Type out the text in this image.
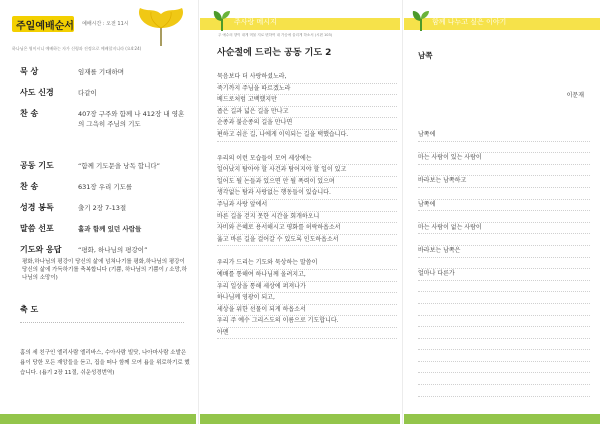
주일예배순서 예배시간 : 오전 11시
하나님은 영이시니 예배하는 자가 신령과 진정으로 예배할지니라 (요4:24)
묵 상	임재를 기대하며
사도 신경	다같이
찬 송	407장 구주와 함께 나 412장 내 영혼의 그윽히 주님의 기도
공동 기도	“함께 기도문을 낭독 합니다”
찬 송	631장 우리 기도를
성경 봉독	출기 2장 7-13절
말씀 선포	홀과 함께 있던 사람들
기도와 응답	“평화, 하나님의 평강이”
평화,하나님의 평강이 당신의 삶에 넘쳐나기를 평화,하나님의 평강이 당신의 삶에 가득하기를 축복합니다 (기쁨, 하나님의 기쁨이 / 소망,하나님의 소망이)
축 도
홈의 세 친구인 엘리사람 엘리바스, 수아사람 빌닷, 나아마사람 소발은 욥이 당한 모든 재앙들을 듣고, 집을 떠나 함께 모여 욥을 위로하기로 했습니다. (욥기 2장 11절, 쉬운성경번역)
주사랑 메시지
주 예수의 향이 내게 머물 지로 변하여 내 가슴에 울리게 하소서 (시편 103)
사순절에 드리는 공동 기도 2
묵음보다 더 사랑하셨노라,
죽기까지 주님을 따르겠노라
베드로처럼 고백했지만
좁은 길과 넓은 길을 만나고
순종과 불순종의 길을 만나면
편하고 쉬운 길, 나에게 이익되는 길을 택했습니다.
우리의 이런 모습들이 모여 세상에는
일어났지 탐아야 할 사건과 탐어지야 할 일이 있고
일어도 될 논들과 있으면 안 될 폭력이 있으며
생각없는 탐과 사랑없는 행동들이 있습니다.
주님과 사랑 앞에서
바른 길을 걷지 못한 시간을 회개하오니
자비와 은혜로 용서해시고 평화를 허락하옵소서
옳고 바른 길을 걸어갈 수 있도록 인도하옵소서
우리가 드리는 기도와 묵상하는 말씀이
예배를 통해여 하나님께 올려지고,
우리 일상을 통해 세상에 퍼져나가
하나님께 영광이 되고,
세상을 위한 선물이 되게 하옵소서
우리 주 예수 그리스도의 이름으로 기도합니다.
아멘
함께 나누고 싶은 이야기
남쪽
이문재
남쪽에
마는 사람이 있는 사람이
바라보는 남쪽하고
남쪽에
마는 사람이 없는 사람이
바라보는 남쪽은
얼마나 다른가
